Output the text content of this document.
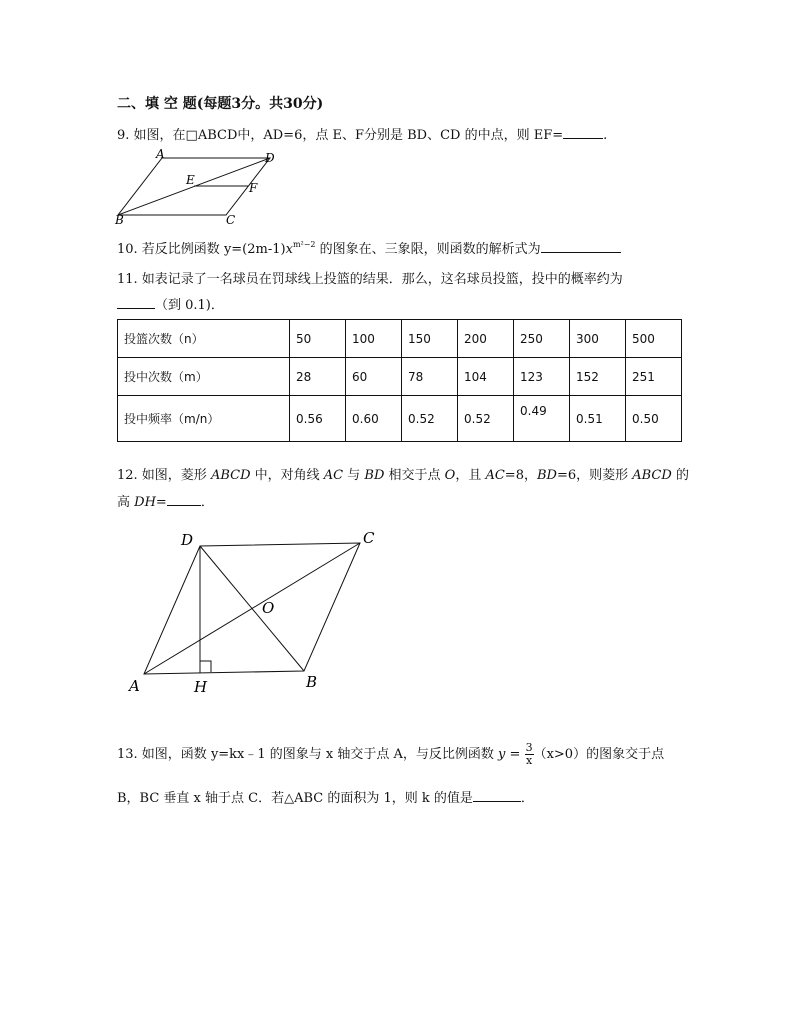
二、填 空 题(每题3分。共30分)
9. 如图，在□ABCD中，AD=6，点 E、F分别是 BD、CD 的中点，则 EF=	.
A	D
E
F
B	C
10. 若反比例函数 $y=(2m-1)x^{m^2-2}$ 的图象在、三象限，则函数的解析式为
11. 如表记录了一名球员在罚球线上投篮的结果．那么，这名球员投篮，投中的概率约为
（到 0.1)．
投篮次数（n）	50	100	150	200	250	300	500
投中次数（m）	28	60	78	104	123	152	251
投中频率（m/n）	0.56	0.60	0.52	0.52	0.49	0.51	0.50
12. 如图，菱形 ABCD 中，对角线 AC 与 BD 相交于点 O，且 AC=8，BD=6，则菱形 ABCD 的
高 DH=	．
D	C
O
A	H	B
13. 如图，函数 y=kx﹣1 的图象与 x 轴交于点 A，与反比例函数 $y = \frac{3}{x} (x>0)$的图象交于点
B，BC 垂直 x 轴于点 C．若△ABC 的面积为 1，则 k 的值是	．
